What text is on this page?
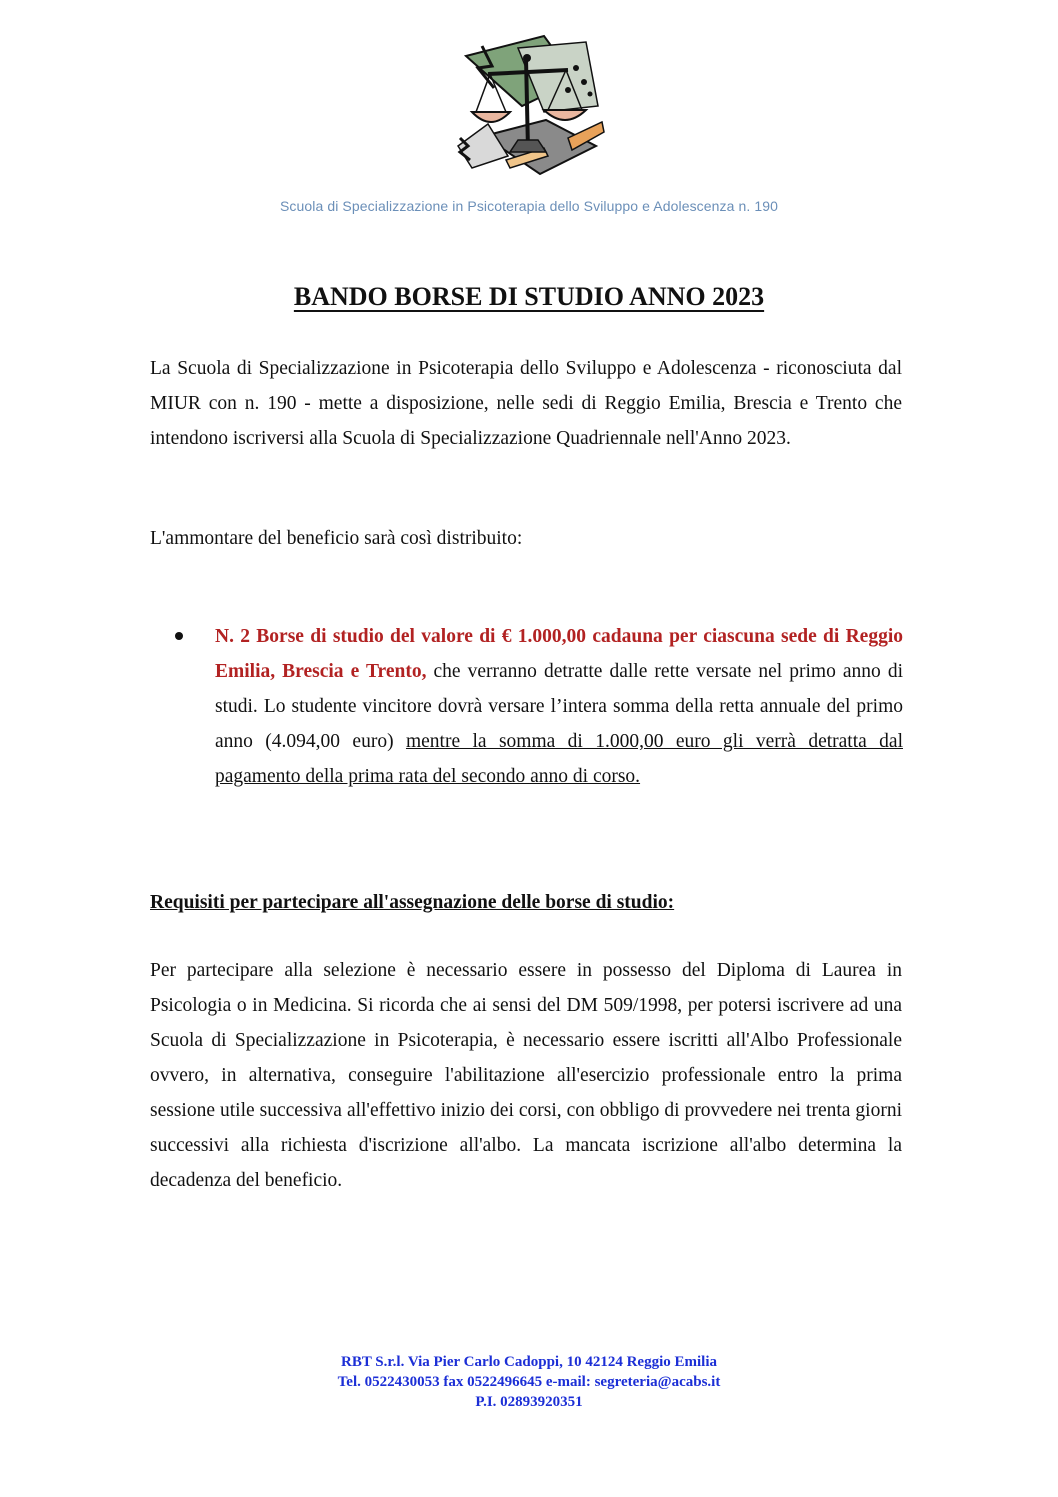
Scuola di Specializzazione in Psicoterapia dello Sviluppo e Adolescenza n. 190
BANDO BORSE DI STUDIO ANNO 2023
La Scuola di Specializzazione in Psicoterapia dello Sviluppo e Adolescenza - riconosciuta dal MIUR con n. 190 - mette a disposizione, nelle sedi di Reggio Emilia, Brescia e Trento che intendono iscriversi alla Scuola di Specializzazione Quadriennale nell'Anno 2023.
L'ammontare del beneficio sarà così distribuito:
N. 2 Borse di studio del valore di € 1.000,00 cadauna per ciascuna sede di Reggio Emilia, Brescia e Trento, che verranno detratte dalle rette versate nel primo anno di studi. Lo studente vincitore dovrà versare l’intera somma della retta annuale del primo anno (4.094,00 euro) mentre la somma di 1.000,00 euro gli verrà detratta dal pagamento della prima rata del secondo anno di corso.
Requisiti per partecipare all'assegnazione delle borse di studio:
Per partecipare alla selezione è necessario essere in possesso del Diploma di Laurea in Psicologia o in Medicina. Si ricorda che ai sensi del DM 509/1998, per potersi iscrivere ad una Scuola di Specializzazione in Psicoterapia, è necessario essere iscritti all'Albo Professionale ovvero, in alternativa, conseguire l'abilitazione all'esercizio professionale entro la prima sessione utile successiva all'effettivo inizio dei corsi, con obbligo di provvedere nei trenta giorni successivi alla richiesta d'iscrizione all'albo. La mancata iscrizione all'albo determina la decadenza del beneficio.
RBT S.r.l. Via Pier Carlo Cadoppi, 10 42124 Reggio Emilia
Tel. 0522430053 fax 0522496645 e-mail: segreteria@acabs.it
P.I. 02893920351
